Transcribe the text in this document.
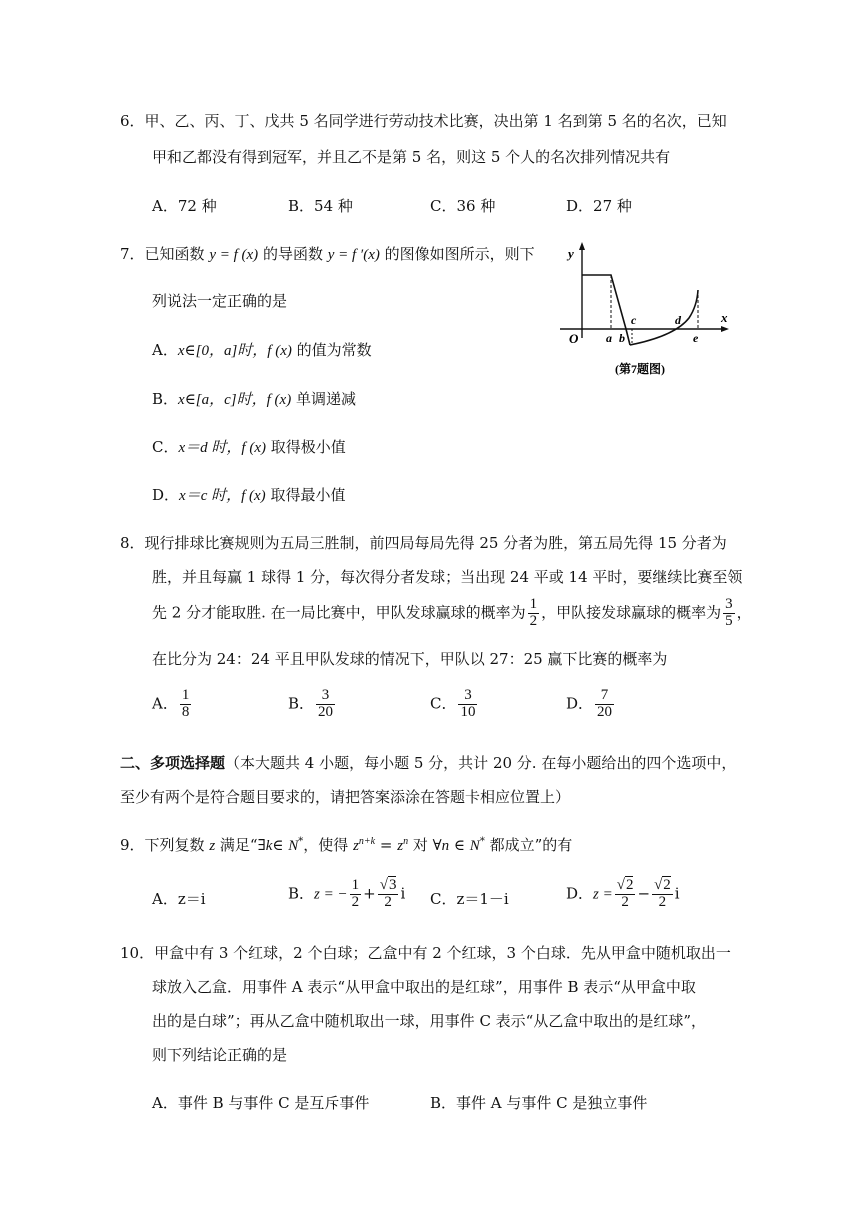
6．甲、乙、丙、丁、戊共 5 名同学进行劳动技术比赛，决出第 1 名到第 5 名的名次，已知
甲和乙都没有得到冠军，并且乙不是第 5 名，则这 5 个人的名次排列情况共有
A．72 种	B．54 种	C．36 种	D．27 种
7．已知函数 y = f (x) 的导函数 y = f ′(x) 的图像如图所示，则下
列说法一定正确的是
A．x∈[0，a]时，f (x) 的值为常数
B．x∈[a，c]时，f (x) 单调递减
C．x＝d 时，f (x) 取得极小值
D．x＝c 时，f (x) 取得最小值
y
x
O a b
c	d
e
(第7题图)
8．现行排球比赛规则为五局三胜制，前四局每局先得 25 分者为胜，第五局先得 15 分者为
胜，并且每赢 1 球得 1 分，每次得分者发球；当出现 24 平或 14 平时，要继续比赛至领
先 2 分才能取胜. 在一局比赛中，甲队发球赢球的概率为 $\frac{1}{2}$ ，甲队接发球赢球的概率为 $\frac{3}{5}$ ，
在比分为 24：24 平且甲队发球的情况下，甲队以 27：25 赢下比赛的概率为
A． $\frac{1}{8}$	B． $\frac{3}{20}$	C． $\frac{3}{10}$	D． $\frac{7}{20}$
二、多项选择题（本大题共 4 小题，每小题 5 分，共计 20 分. 在每小题给出的四个选项中，
至少有两个是符合题目要求的，请把答案添涂在答题卡相应位置上）
9．下列复数 z 满足“∃k∈ N*，使得 $z^{n+k} = z^n$ 对 ∀n ∈ N* 都成立”的有
A．z＝i	B．z = − $\frac{1}{2} + \frac{√3}{2}$ i C．z＝1－i	D．$z = \frac{√2}{2} - \frac{√2}{2}$ i
10．甲盒中有 3 个红球，2 个白球；乙盒中有 2 个红球，3 个白球．先从甲盒中随机取出一
球放入乙盒．用事件 A 表示“从甲盒中取出的是红球”，用事件 B 表示“从甲盒中取
出的是白球”；再从乙盒中随机取出一球，用事件 C 表示“从乙盒中取出的是红球”，
则下列结论正确的是
A．事件 B 与事件 C 是互斥事件	B．事件 A 与事件 C 是独立事件
